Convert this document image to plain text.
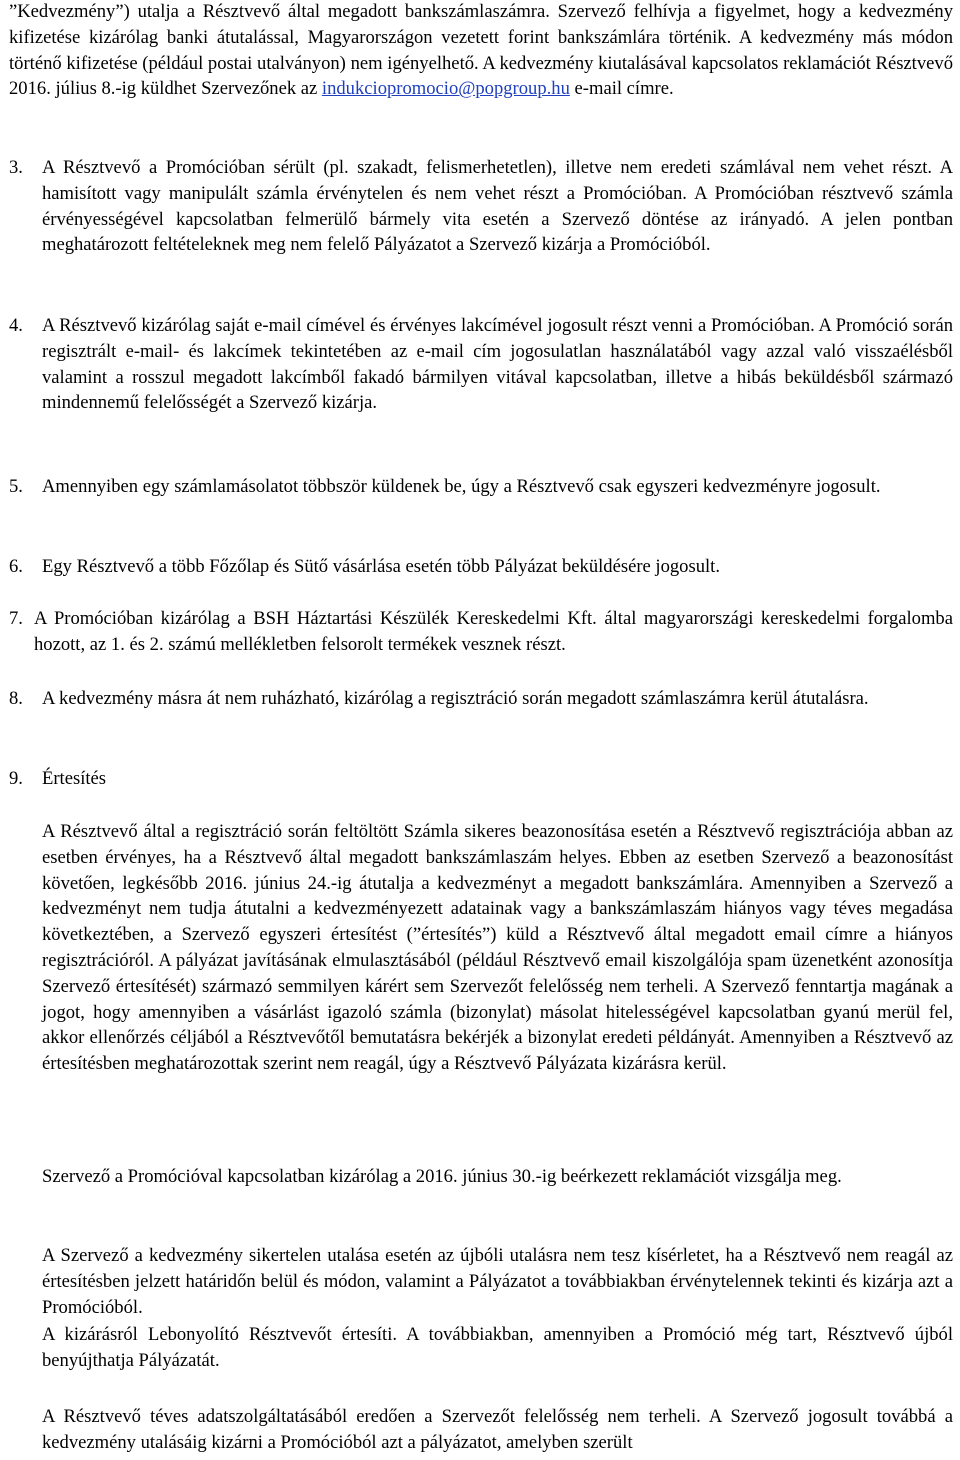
”Kedvezmény”) utalja a Résztvevő által megadott bankszámlaszámra. Szervező felhívja a figyelmet, hogy a kedvezmény kifizetése kizárólag banki átutalással, Magyarországon vezetett forint bankszámlára történik. A kedvezmény más módon történő kifizetése (például postai utalványon) nem igényelhető. A kedvezmény kiutalásával kapcsolatos reklamációt Résztvevő 2016. július 8.-ig küldhet Szervezőnek az indukciopromocio@popgroup.hu e-mail címre.

3. A Résztvevő a Promócióban sérült (pl. szakadt, felismerhetetlen), illetve nem eredeti számlával nem vehet részt. A hamisított vagy manipulált számla érvénytelen és nem vehet részt a Promócióban. A Promócióban résztvevő számla érvényességével kapcsolatban felmerülő bármely vita esetén a Szervező döntése az irányadó. A jelen pontban meghatározott feltételeknek meg nem felelő Pályázatot a Szervező kizárja a Promócióból.

4. A Résztvevő kizárólag saját e-mail címével és érvényes lakcímével jogosult részt venni a Promócióban. A Promóció során regisztrált e-mail- és lakcímek tekintetében az e-mail cím jogosulatlan használatából vagy azzal való visszaélésből valamint a rosszul megadott lakcímből fakadó bármilyen vitával kapcsolatban, illetve a hibás beküldésből származó mindennemű felelősségét a Szervező kizárja.

5. Amennyiben egy számlamásolatot többször küldenek be, úgy a Résztvevő csak egyszeri kedvezményre jogosult.

6. Egy Résztvevő a több Főzőlap és Sütő vásárlása esetén több Pályázat beküldésére jogosult.

7. A Promócióban kizárólag a BSH Háztartási Készülék Kereskedelmi Kft. által magyarországi kereskedelmi forgalomba hozott, az 1. és 2. számú mellékletben felsorolt termékek vesznek részt.

8. A kedvezmény másra át nem ruházható, kizárólag a regisztráció során megadott számlaszámra kerül átutalásra.

9. Értesítés

A Résztvevő által a regisztráció során feltöltött Számla sikeres beazonosítása esetén a Résztvevő regisztrációja abban az esetben érvényes, ha a Résztvevő által megadott bankszámlaszám helyes. Ebben az esetben Szervező a beazonosítást követően, legkésőbb 2016. június 24.-ig átutalja a kedvezményt a megadott bankszámlára. Amennyiben a Szervező a kedvezményt nem tudja átutalni a kedvezményezett adatainak vagy a bankszámlaszám hiányos vagy téves megadása következtében, a Szervező egyszeri értesítést (”értesítés”) küld a Résztvevő által megadott email címre a hiányos regisztrációról. A pályázat javításának elmulasztásából (például Résztvevő email kiszolgálója spam üzenetként azonosítja Szervező értesítését) származó semmilyen kárért sem Szervezőt felelősség nem terheli. A Szervező fenntartja magának a jogot, hogy amennyiben a vásárlást igazoló számla (bizonylat) másolat hitelességével kapcsolatban gyanú merül fel, akkor ellenőrzés céljából a Résztvevőtől bemutatásra bekérjék a bizonylat eredeti példányát. Amennyiben a Résztvevő az értesítésben meghatározottak szerint nem reagál, úgy a Résztvevő Pályázata kizárásra kerül.

Szervező a Promócióval kapcsolatban kizárólag a 2016. június 30.-ig beérkezett reklamációt vizsgálja meg.

A Szervező a kedvezmény sikertelen utalása esetén az újbóli utalásra nem tesz kísérletet, ha a Résztvevő nem reagál az értesítésben jelzett határidőn belül és módon, valamint a Pályázatot a továbbiakban érvénytelennek tekinti és kizárja azt a Promócióból.

A kizárásról Lebonyolító Résztvevőt értesíti. A továbbiakban, amennyiben a Promóció még tart, Résztvevő újból benyújthatja Pályázatát.

A Résztvevő téves adatszolgáltatásából eredően a Szervezőt felelősség nem terheli. A Szervező jogosult továbbá a kedvezmény utalásáig kizárni a Promócióból azt a pályázatot, amelyben szerült
